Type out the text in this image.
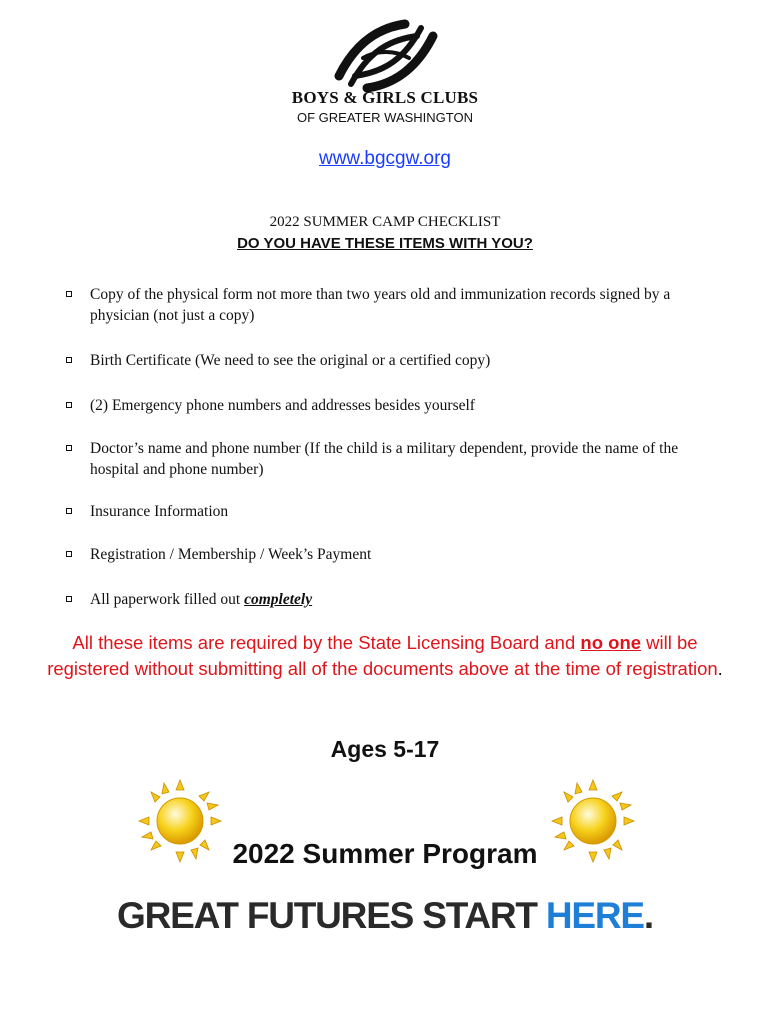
BOYS & GIRLS CLUBS
OF GREATER WASHINGTON
www.bgcgw.org
2022 SUMMER CAMP CHECKLIST
DO YOU HAVE THESE ITEMS WITH YOU?
Copy of the physical form not more than two years old and immunization records signed by a physician (not just a copy)
Birth Certificate (We need to see the original or a certified copy)
(2) Emergency phone numbers and addresses besides yourself
Doctor’s name and phone number (If the child is a military dependent, provide the name of the hospital and phone number)
Insurance Information
Registration / Membership / Week’s Payment
All paperwork filled out completely
All these items are required by the State Licensing Board and no one will be registered without submitting all of the documents above at the time of registration.
Ages 5-17
2022 Summer Program
GREAT FUTURES START HERE.
